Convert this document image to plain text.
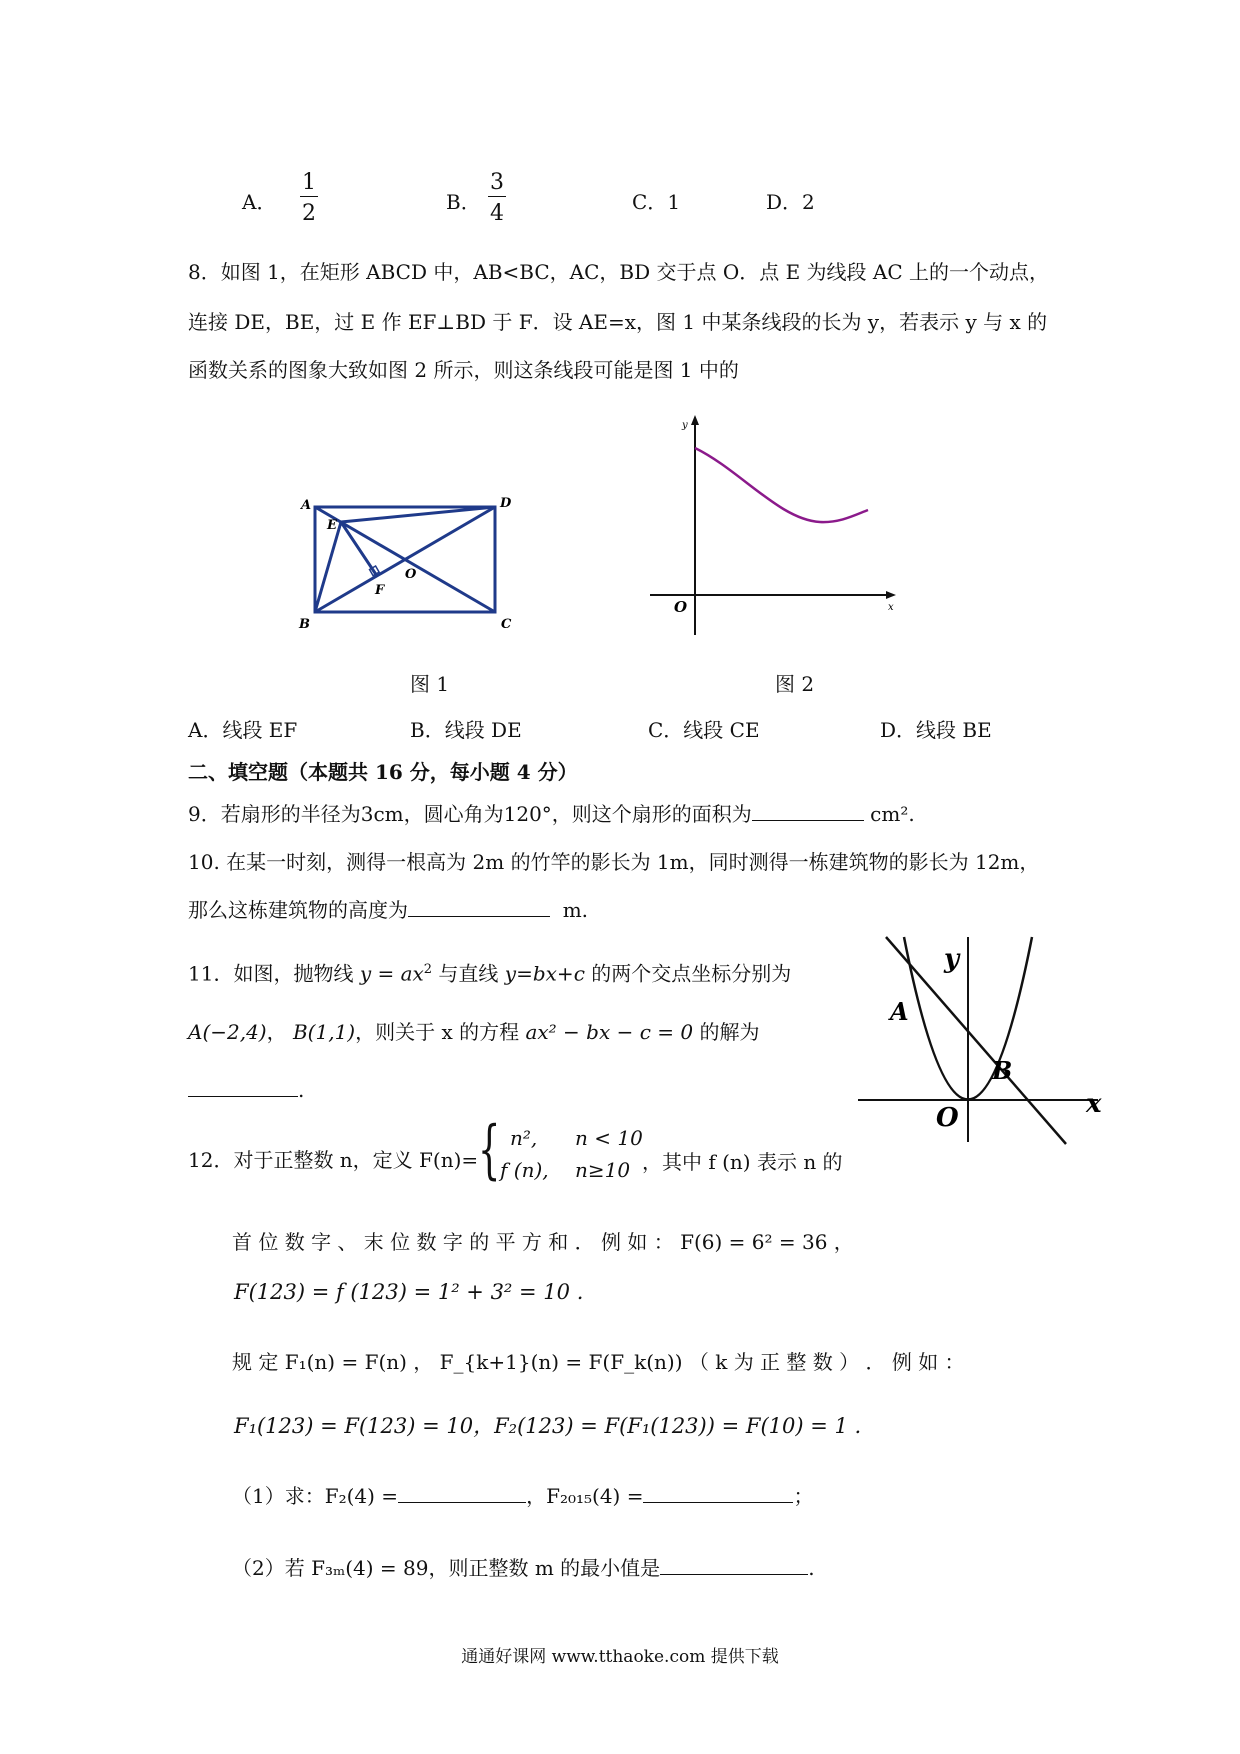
A． $\frac{1}{2}$	B． $\frac{3}{4}$	C．1	D．2
8．如图 1，在矩形 ABCD 中，AB<BC，AC，BD 交于点 O．点 E 为线段 AC 上的一个动点，
连接 DE，BE，过 E 作 EF⊥BD 于 F．设 AE=x，图 1 中某条线段的长为 y，若表示 y 与 x 的
函数关系的图象大致如图 2 所示，则这条线段可能是图 1 中的
A	D
B	C
E
F
O
图 1
y
x
O
图 2
A．线段 EF	B．线段 DE	C．线段 CE	D．线段 BE
二、填空题（本题共 16 分，每小题 4 分）
9．若扇形的半径为3cm，圆心角为120°，则这个扇形的面积为	cm².
10. 在某一时刻，测得一根高为 2m 的竹竿的影长为 1m，同时测得一栋建筑物的影长为 12m，
那么这栋建筑物的高度为	m.
11．如图，抛物线 $y = ax^2$ 与直线 y=bx+c 的两个交点坐标分别为
A(−2,4)， B(1,1)，则关于 x 的方程 ax² − bx − c = 0 的解为
.
y
x
O
A
B
12．对于正整数 n，定义 F(n)= { n², n < 10
f (n), n≥10 ，其中 f (n) 表示 n 的
首 位 数 字 、 末 位 数 字 的 平 方 和 ． 例 如 ： F(6) = 6² = 36 ，
F(123) = f (123) = 1² + 3² = 10 .
规 定 F₁(n) = F(n) ， F_{k+1}(n) = F(F_k(n)) （ k 为 正 整 数 ） ． 例 如 ：
F₁(123) = F(123) = 10，F₂(123) = F(F₁(123)) = F(10) = 1 .
（1）求：F₂(4) =	，F₂₀₁₅(4) =	；
（2）若 F₃ₘ(4) = 89，则正整数 m 的最小值是	.
通通好课网 www.tthaoke.com 提供下载
